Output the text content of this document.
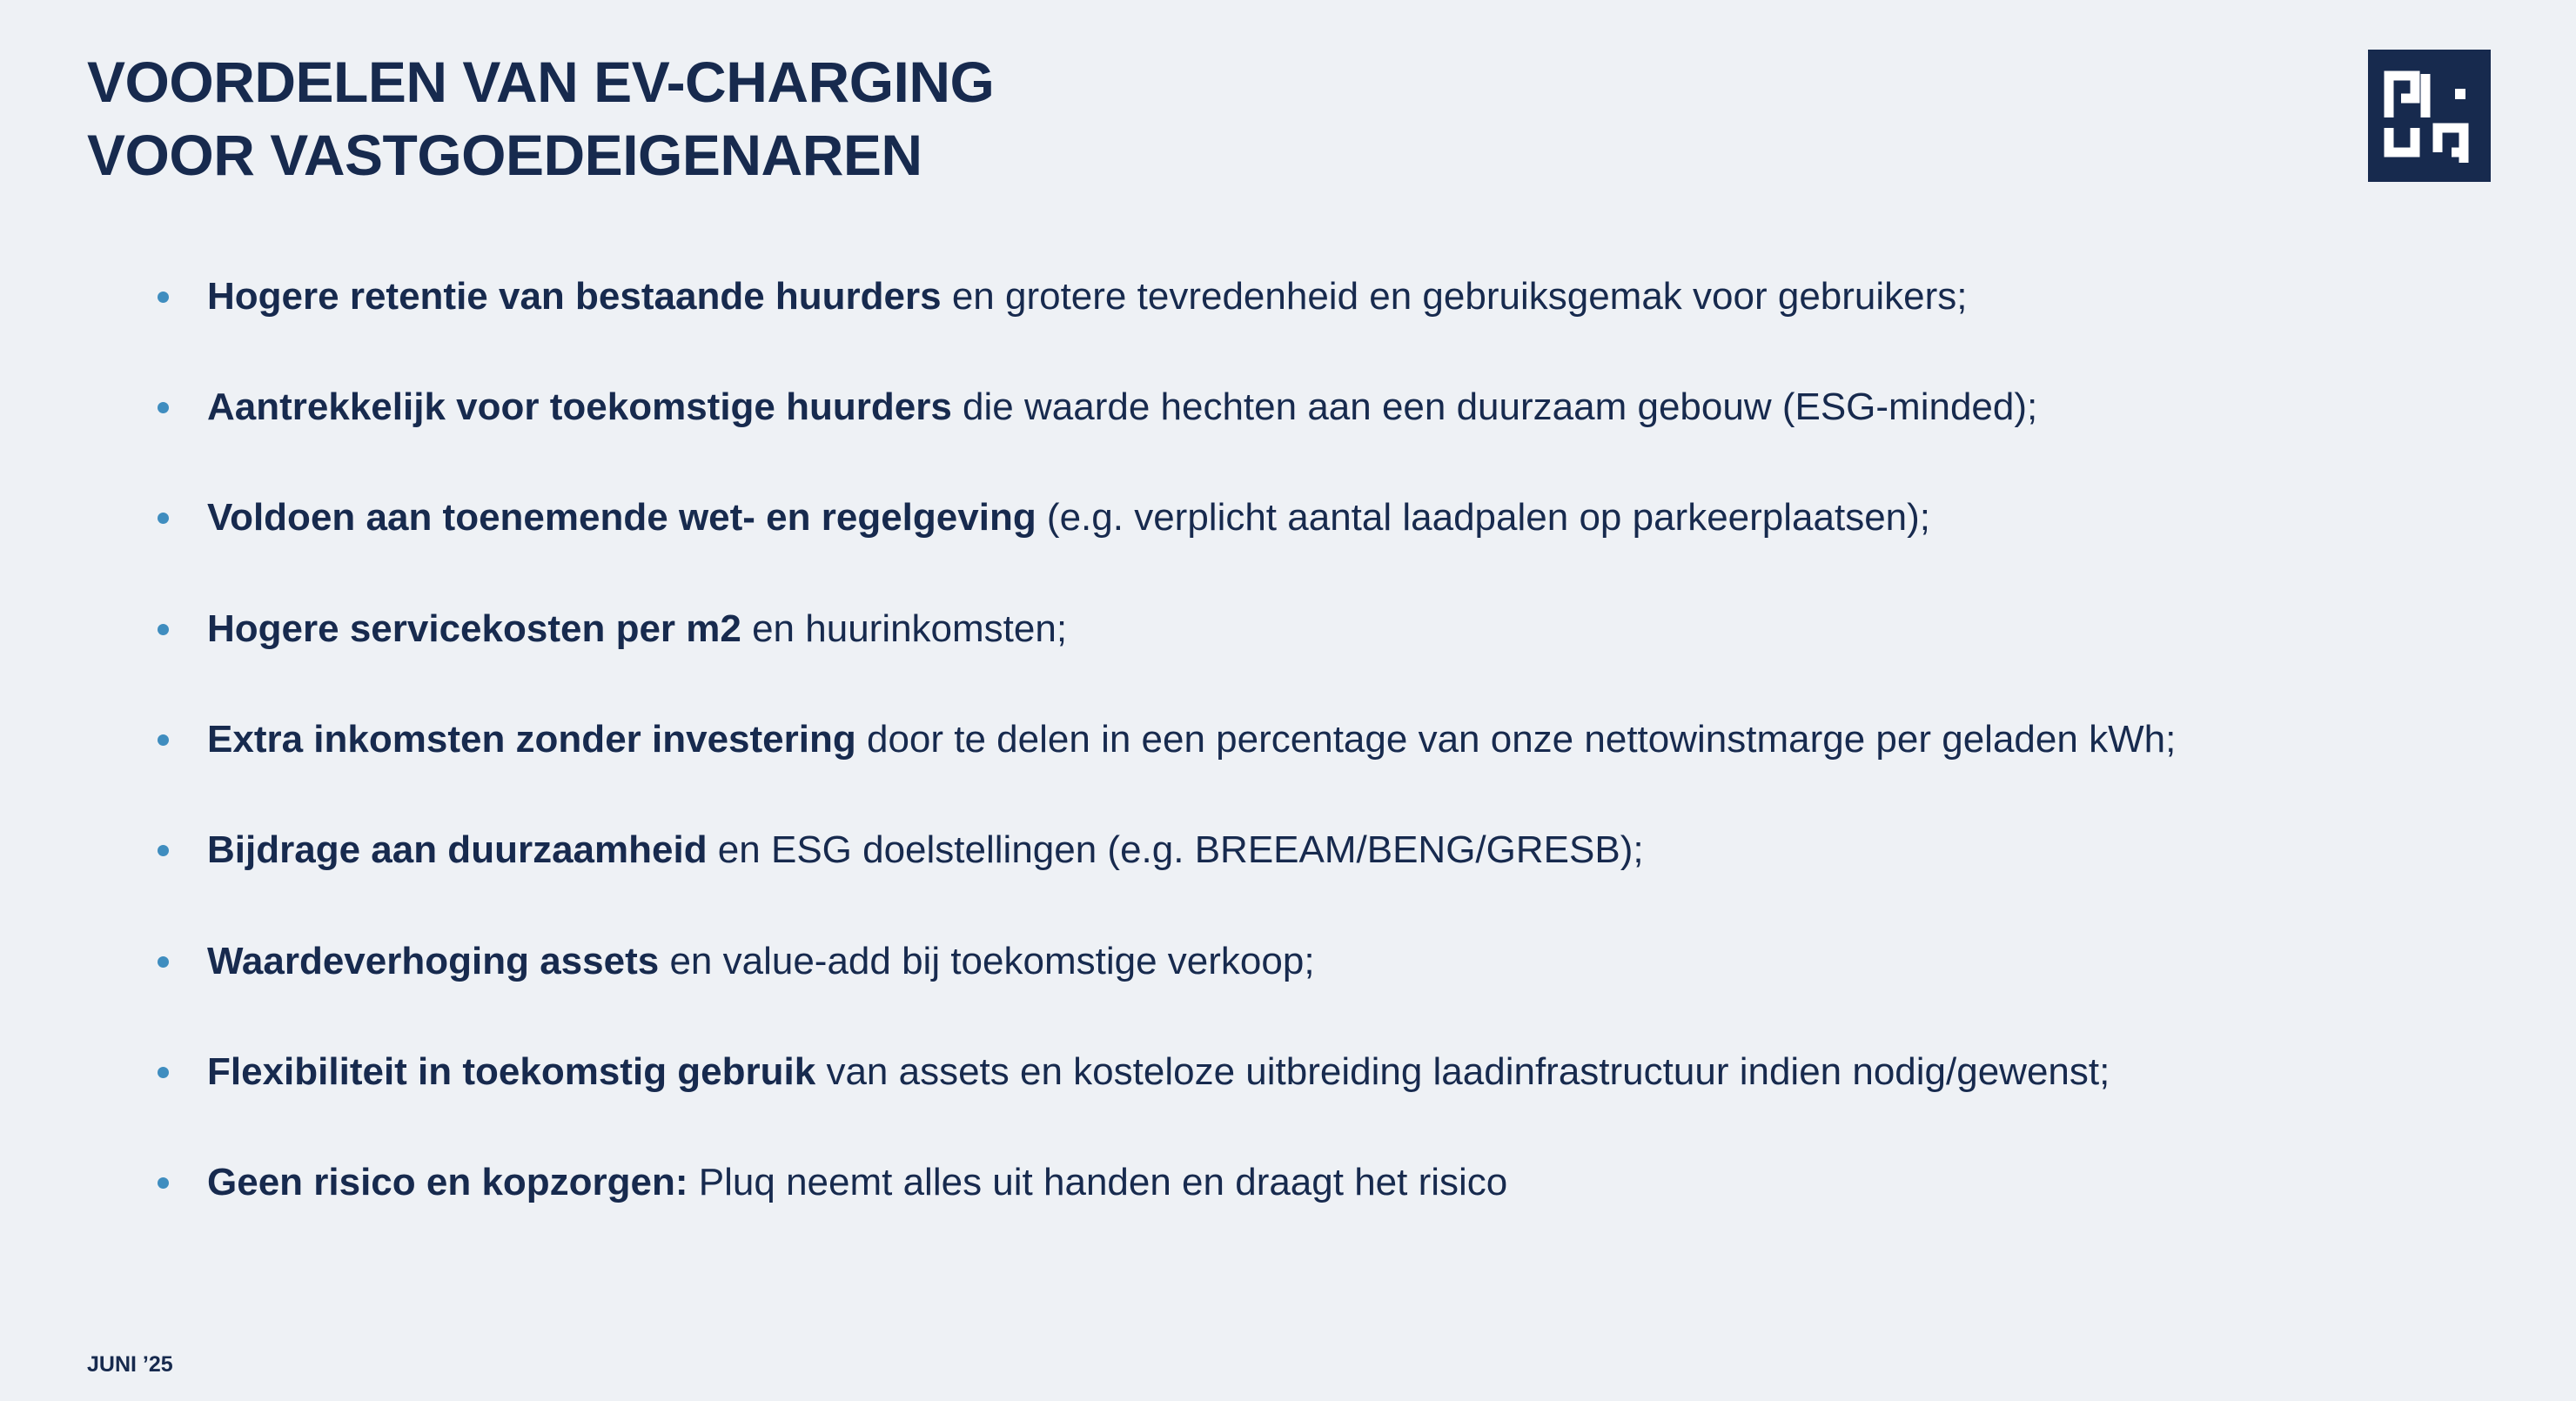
VOORDELEN VAN EV-CHARGING
VOOR VASTGOEDEIGENAREN
Hogere retentie van bestaande huurders en grotere tevredenheid en gebruiksgemak voor gebruikers;
Aantrekkelijk voor toekomstige huurders die waarde hechten aan een duurzaam gebouw (ESG-minded);
Voldoen aan toenemende wet- en regelgeving (e.g. verplicht aantal laadpalen op parkeerplaatsen);
Hogere servicekosten per m2 en huurinkomsten;
Extra inkomsten zonder investering door te delen in een percentage van onze nettowinstmarge per geladen kWh;
Bijdrage aan duurzaamheid en ESG doelstellingen (e.g. BREEAM/BENG/GRESB);
Waardeverhoging assets en value-add bij toekomstige verkoop;
Flexibiliteit in toekomstig gebruik van assets en kosteloze uitbreiding laadinfrastructuur indien nodig/gewenst;
Geen risico en kopzorgen: Pluq neemt alles uit handen en draagt het risico
JUNI ’25
